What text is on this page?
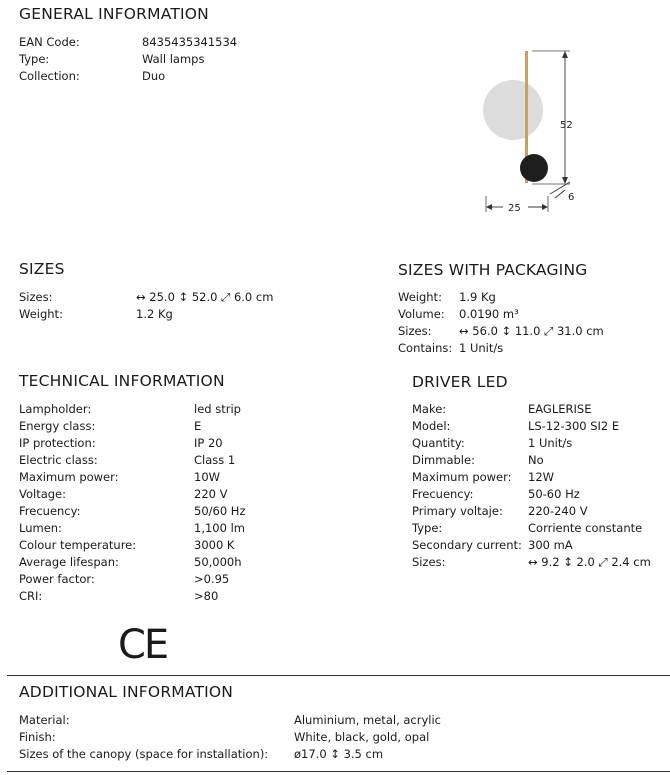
GENERAL INFORMATION
EAN Code:	8435435341534
Type:	Wall lamps
Collection:	Duo
52
6
25
SIZES
Sizes:	↔ 25.0 ↕ 52.0 ⤢ 6.0 cm
Weight:	1.2 Kg
SIZES WITH PACKAGING
Weight: 1.9 Kg
Volume: 0.0190 m³
Sizes: ↔ 56.0 ↕ 11.0 ⤢ 31.0 cm
Contains: 1 Unit/s
TECHNICAL INFORMATION
Lampholder:	led strip
Energy class:	E
IP protection:	IP 20
Electric class:	Class 1
Maximum power:	10W
Voltage:	220 V
Frecuency:	50/60 Hz
Lumen:	1,100 lm
Colour temperature:	3000 K
Average lifespan:	50,000h
Power factor:	>0.95
CRI:	>80
CE
DRIVER LED
Make:	EAGLERISE
Model:	LS-12-300 SI2 E
Quantity:	1 Unit/s
Dimmable:	No
Maximum power: 12W
Frecuency:	50-60 Hz
Primary voltaje: 220-240 V
Type:	Corriente constante
Secondary current: 300 mA
Sizes:	↔ 9.2 ↕ 2.0 ⤢ 2.4 cm
ADDITIONAL INFORMATION
Material:	Aluminium, metal, acrylic
Finish:	White, black, gold, opal
Sizes of the canopy (space for installation): ø17.0 ↕ 3.5 cm
